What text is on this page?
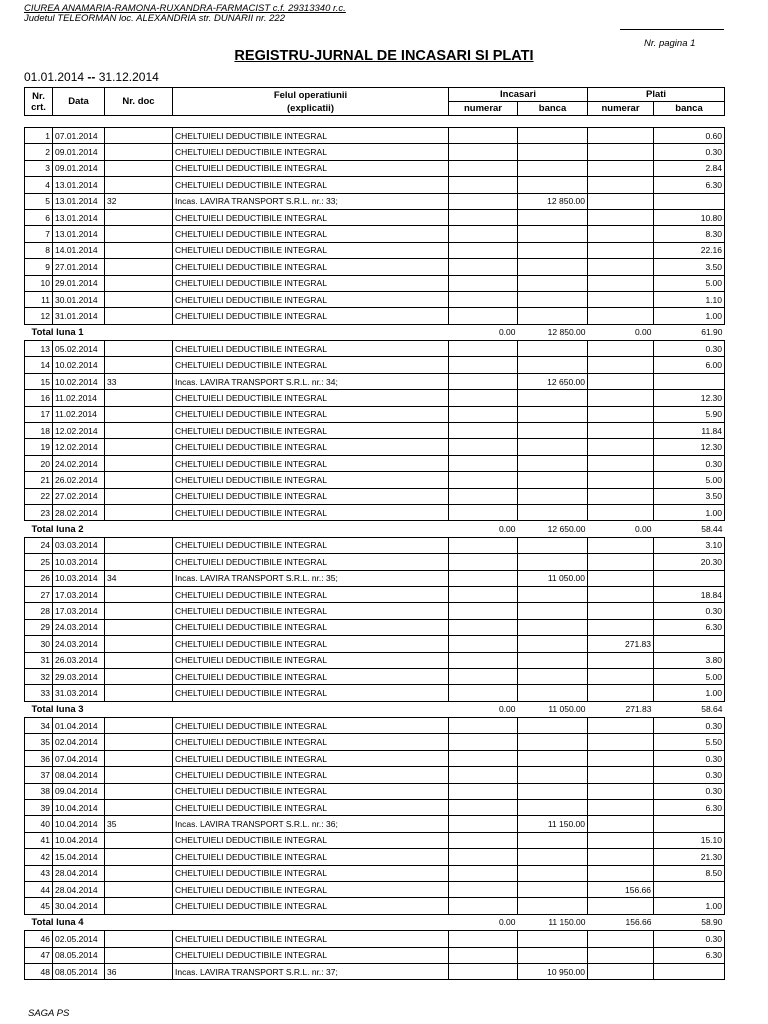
CIUREA ANAMARIA-RAMONA-RUXANDRA-FARMACIST c.f. 29313340 r.c.
Judetul TELEORMAN loc. ALEXANDRIA str. DUNARII nr. 222
Nr. pagina 1
REGISTRU-JURNAL DE INCASARI SI PLATI
01.01.2014 -- 31.12.2014
Nr. crt.	Data	Nr. doc	Felul operatiunii
(explicatii)	Incasari		Plati	
				numerar	banca	numerar	banca
1	07.01.2014		CHELTUIELI DEDUCTIBILE INTEGRAL				0.60
2	09.01.2014		CHELTUIELI DEDUCTIBILE INTEGRAL				0.30
3	09.01.2014		CHELTUIELI DEDUCTIBILE INTEGRAL				2.84
4	13.01.2014		CHELTUIELI DEDUCTIBILE INTEGRAL				6.30
5	13.01.2014	32	Incas. LAVIRA TRANSPORT S.R.L. nr.: 33;		12 850.00		
6	13.01.2014		CHELTUIELI DEDUCTIBILE INTEGRAL				10.80
7	13.01.2014		CHELTUIELI DEDUCTIBILE INTEGRAL				8.30
8	14.01.2014		CHELTUIELI DEDUCTIBILE INTEGRAL				22.16
9	27.01.2014		CHELTUIELI DEDUCTIBILE INTEGRAL				3.50
10	29.01.2014		CHELTUIELI DEDUCTIBILE INTEGRAL				5.00
11	30.01.2014		CHELTUIELI DEDUCTIBILE INTEGRAL				1.10
12	31.01.2014		CHELTUIELI DEDUCTIBILE INTEGRAL				1.00
Total luna 1				0.00	12 850.00	0.00	61.90
13	05.02.2014		CHELTUIELI DEDUCTIBILE INTEGRAL				0.30
14	10.02.2014		CHELTUIELI DEDUCTIBILE INTEGRAL				6.00
15	10.02.2014	33	Incas. LAVIRA TRANSPORT S.R.L. nr.: 34;		12 650.00		
16	11.02.2014		CHELTUIELI DEDUCTIBILE INTEGRAL				12.30
17	11.02.2014		CHELTUIELI DEDUCTIBILE INTEGRAL				5.90
18	12.02.2014		CHELTUIELI DEDUCTIBILE INTEGRAL				11.84
19	12.02.2014		CHELTUIELI DEDUCTIBILE INTEGRAL				12.30
20	24.02.2014		CHELTUIELI DEDUCTIBILE INTEGRAL				0.30
21	26.02.2014		CHELTUIELI DEDUCTIBILE INTEGRAL				5.00
22	27.02.2014		CHELTUIELI DEDUCTIBILE INTEGRAL				3.50
23	28.02.2014		CHELTUIELI DEDUCTIBILE INTEGRAL				1.00
Total luna 2				0.00	12 650.00	0.00	58.44
24	03.03.2014		CHELTUIELI DEDUCTIBILE INTEGRAL				3.10
25	10.03.2014		CHELTUIELI DEDUCTIBILE INTEGRAL				20.30
26	10.03.2014	34	Incas. LAVIRA TRANSPORT S.R.L. nr.: 35;		11 050.00		
27	17.03.2014		CHELTUIELI DEDUCTIBILE INTEGRAL				18.84
28	17.03.2014		CHELTUIELI DEDUCTIBILE INTEGRAL				0.30
29	24.03.2014		CHELTUIELI DEDUCTIBILE INTEGRAL				6.30
30	24.03.2014		CHELTUIELI DEDUCTIBILE INTEGRAL			271.83	
31	26.03.2014		CHELTUIELI DEDUCTIBILE INTEGRAL				3.80
32	29.03.2014		CHELTUIELI DEDUCTIBILE INTEGRAL				5.00
33	31.03.2014		CHELTUIELI DEDUCTIBILE INTEGRAL				1.00
Total luna 3				0.00	11 050.00	271.83	58.64
34	01.04.2014		CHELTUIELI DEDUCTIBILE INTEGRAL				0.30
35	02.04.2014		CHELTUIELI DEDUCTIBILE INTEGRAL				5.50
36	07.04.2014		CHELTUIELI DEDUCTIBILE INTEGRAL				0.30
37	08.04.2014		CHELTUIELI DEDUCTIBILE INTEGRAL				0.30
38	09.04.2014		CHELTUIELI DEDUCTIBILE INTEGRAL				0.30
39	10.04.2014		CHELTUIELI DEDUCTIBILE INTEGRAL				6.30
40	10.04.2014	35	Incas. LAVIRA TRANSPORT S.R.L. nr.: 36;		11 150.00		
41	10.04.2014		CHELTUIELI DEDUCTIBILE INTEGRAL				15.10
42	15.04.2014		CHELTUIELI DEDUCTIBILE INTEGRAL				21.30
43	28.04.2014		CHELTUIELI DEDUCTIBILE INTEGRAL				8.50
44	28.04.2014		CHELTUIELI DEDUCTIBILE INTEGRAL			156.66	
45	30.04.2014		CHELTUIELI DEDUCTIBILE INTEGRAL				1.00
Total luna 4				0.00	11 150.00	156.66	58.90
46	02.05.2014		CHELTUIELI DEDUCTIBILE INTEGRAL				0.30
47	08.05.2014		CHELTUIELI DEDUCTIBILE INTEGRAL				6.30
48	08.05.2014	36	Incas. LAVIRA TRANSPORT S.R.L. nr.: 37;		10 950.00		
SAGA PS
